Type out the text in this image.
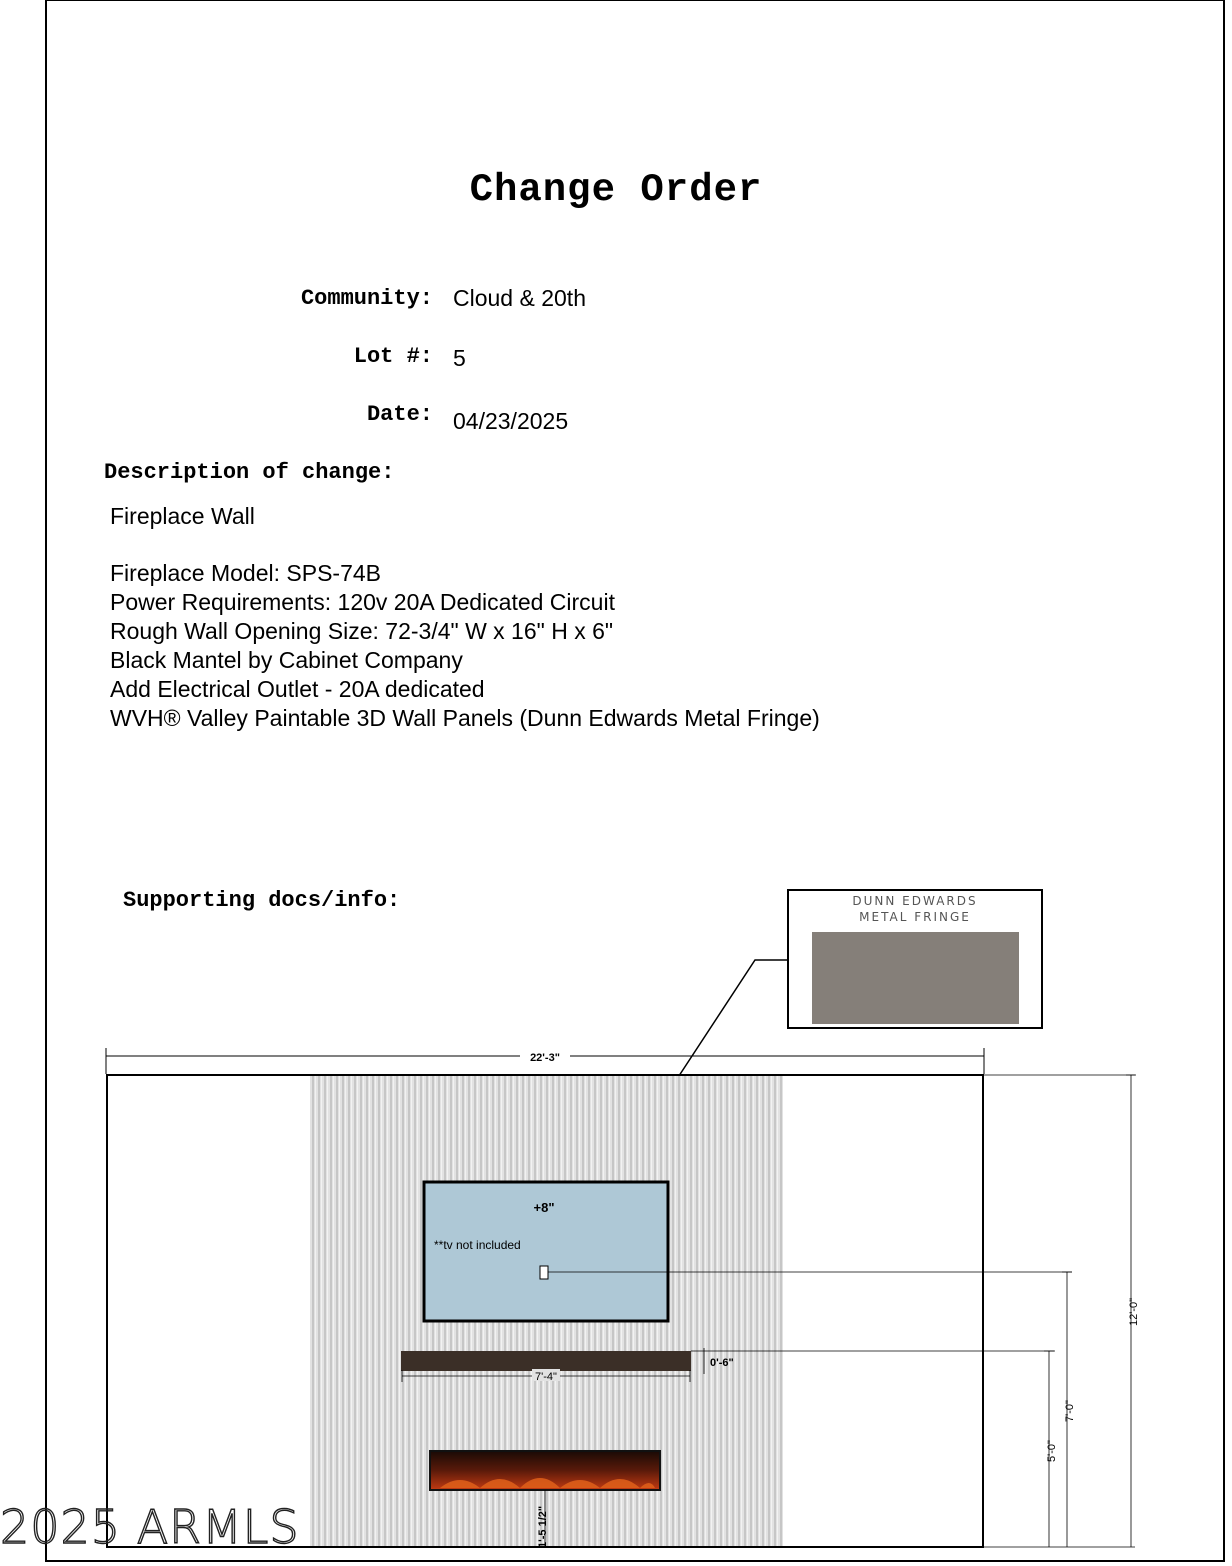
Change Order
Community: Cloud & 20th
Lot #: 5
Date: 04/23/2025
Description of change:
Fireplace Wall
Fireplace Model: SPS-74B
Power Requirements: 120v 20A Dedicated Circuit
Rough Wall Opening Size: 72-3/4" W x 16" H x 6"
Black Mantel by Cabinet Company
Add Electrical Outlet - 20A dedicated
WVH® Valley Paintable 3D Wall Panels (Dunn Edwards Metal Fringe)
Supporting docs/info:	DUNN EDWARDS
METAL FRINGE
22'-3"
+8"
**tv not included
7'-4"
0'-6"
1'-5 1/2"
12'-0"
7'-0"
5'-0"
2025 ARMLS
